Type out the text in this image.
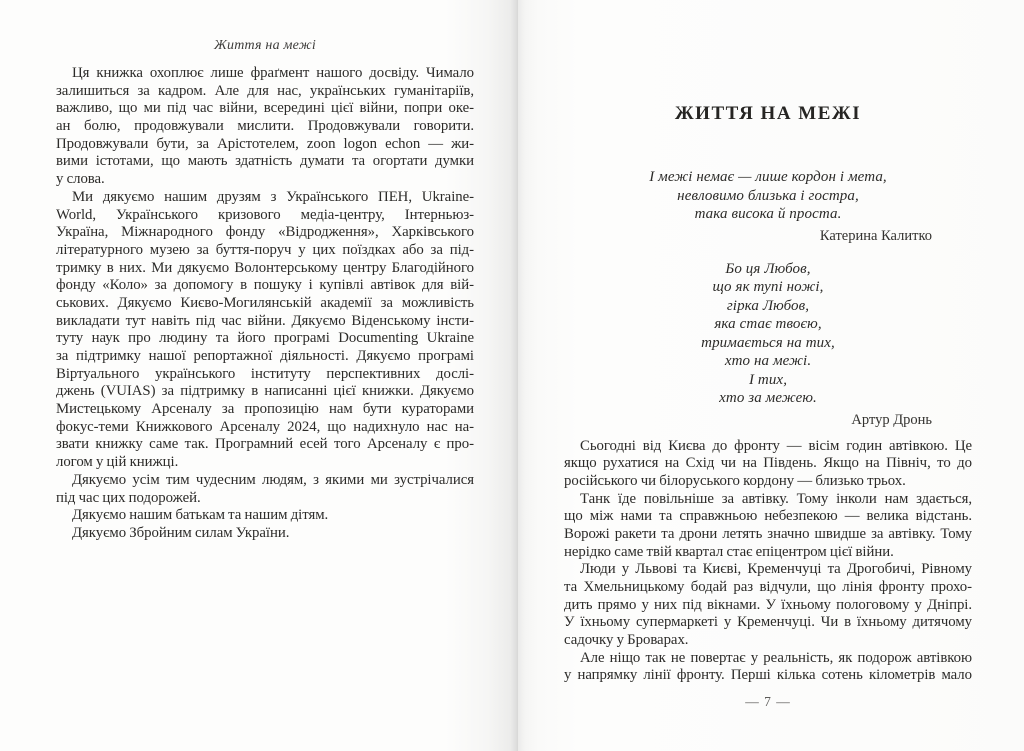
Життя на межі
Ця книжка охоплює лише фраґмент нашого досвіду. Чимало
залишиться за кадром. Але для нас, українських гуманітаріїв,
важливо, що ми під час війни, всередині цієї війни, попри оке-
ан болю, продовжували мислити. Продовжували говорити.
Продовжували бути, за Арістотелем, zoon logon echon — жи-
вими істотами, що мають здатність думати та огортати думки
у слова.
Ми дякуємо нашим друзям з Українського ПЕН, Ukraine-
World, Українського кризового медіа-центру, Інтерньюз-
Україна, Міжнародного фонду «Відродження», Харківського
літературного музею за буття-поруч у цих поїздках або за під-
тримку в них. Ми дякуємо Волонтерському центру Благодійного
фонду «Коло» за допомогу в пошуку і купівлі автівок для вій-
ськових. Дякуємо Києво-Могилянській академії за можливість
викладати тут навіть під час війни. Дякуємо Віденському інсти-
туту наук про людину та його програмі Documenting Ukraine
за підтримку нашої репортажної діяльності. Дякуємо програмі
Віртуального українського інституту перспективних дослі-
джень (VUIAS) за підтримку в написанні цієї книжки. Дякуємо
Мистецькому Арсеналу за пропозицію нам бути кураторами
фокус-теми Книжкового Арсеналу 2024, що надихнуло нас на-
звати книжку саме так. Програмний есей того Арсеналу є про-
логом у цій книжці.
Дякуємо усім тим чудесним людям, з якими ми зустрічалися
під час цих подорожей.
Дякуємо нашим батькам та нашим дітям.
Дякуємо Збройним силам України.
ЖИТТЯ НА МЕЖІ
І межі немає — лише кордон і мета,
невловимо близька і гостра,
така висока й проста.
Катерина Калитко
Бо ця Любов,
що як тупі ножі,
гірка Любов,
яка стає твоєю,
тримається на тих,
хто на межі.
І тих,
хто за межею.
Артур Дронь
Сьогодні від Києва до фронту — вісім годин автівкою. Це
якщо рухатися на Схід чи на Південь. Якщо на Північ, то до
російського чи білоруського кордону — близько трьох.
Танк їде повільніше за автівку. Тому інколи нам здається,
що між нами та справжньою небезпекою — велика відстань.
Ворожі ракети та дрони летять значно швидше за автівку. Тому
нерідко саме твій квартал стає епіцентром цієї війни.
Люди у Львові та Києві, Кременчуці та Дрогобичі, Рівному
та Хмельницькому бодай раз відчули, що лінія фронту прохо-
дить прямо у них під вікнами. У їхньому пологовому у Дніпрі.
У їхньому супермаркеті у Кременчуці. Чи в їхньому дитячому
садочку у Броварах.
Але ніщо так не повертає у реальність, як подорож автівкою
у напрямку лінії фронту. Перші кілька сотень кілометрів мало
— 7 —
